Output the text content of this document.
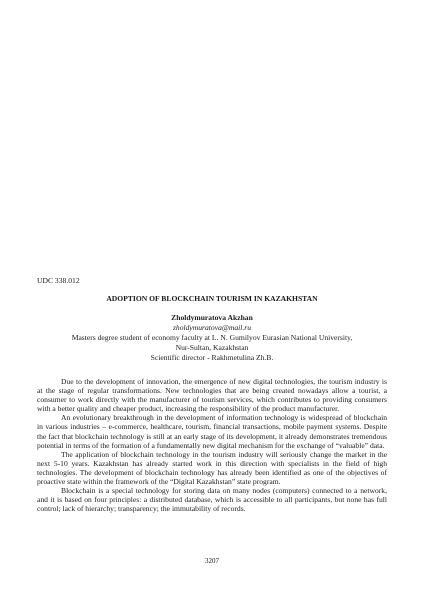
UDC 338.012
ADOPTION OF BLOCKCHAIN TOURISM IN KAZAKHSTAN
Zholdymuratova Akzhan
zholdymuratova@mail.ru
Masters degree student of economy faculty at L. N. Gumilyov Eurasian National University,
Nur-Sultan, Kazakhstan
Scientific director - Rakhmetulina Zh.B.

Due to the development of innovation, the emergence of new digital technologies, the tourism industry is at the stage of regular transformations. New technologies that are being created nowadays allow a tourist, a consumer to work directly with the manufacturer of tourism services, which contributes to providing consumers with a better quality and cheaper product, increasing the responsibility of the product manufacturer.

An evolutionary breakthrough in the development of information technology is widespread of blockchain in various industries – e-commerce, healthcare, tourism, financial transactions, mobile payment systems. Despite the fact that blockchain technology is still at an early stage of its development, it already demonstrates tremendous potential in terms of the formation of a fundamentally new digital mechanism for the exchange of “valuable” data.

The application of blockchain technology in the tourism industry will seriously change the market in the next 5-10 years. Kazakhstan has already started work in this direction with specialists in the field of high technologies. The development of blockchain technology has already been identified as one of the objectives of proactive state within the framework of the “Digital Kazakhstan” state program.

Blockchain is a special technology for storing data on many nodes (computers) connected to a network, and it is based on four principles: a distributed database, which is accessible to all participants, but none has full control; lack of hierarchy; transparency; the immutability of records.

3207
